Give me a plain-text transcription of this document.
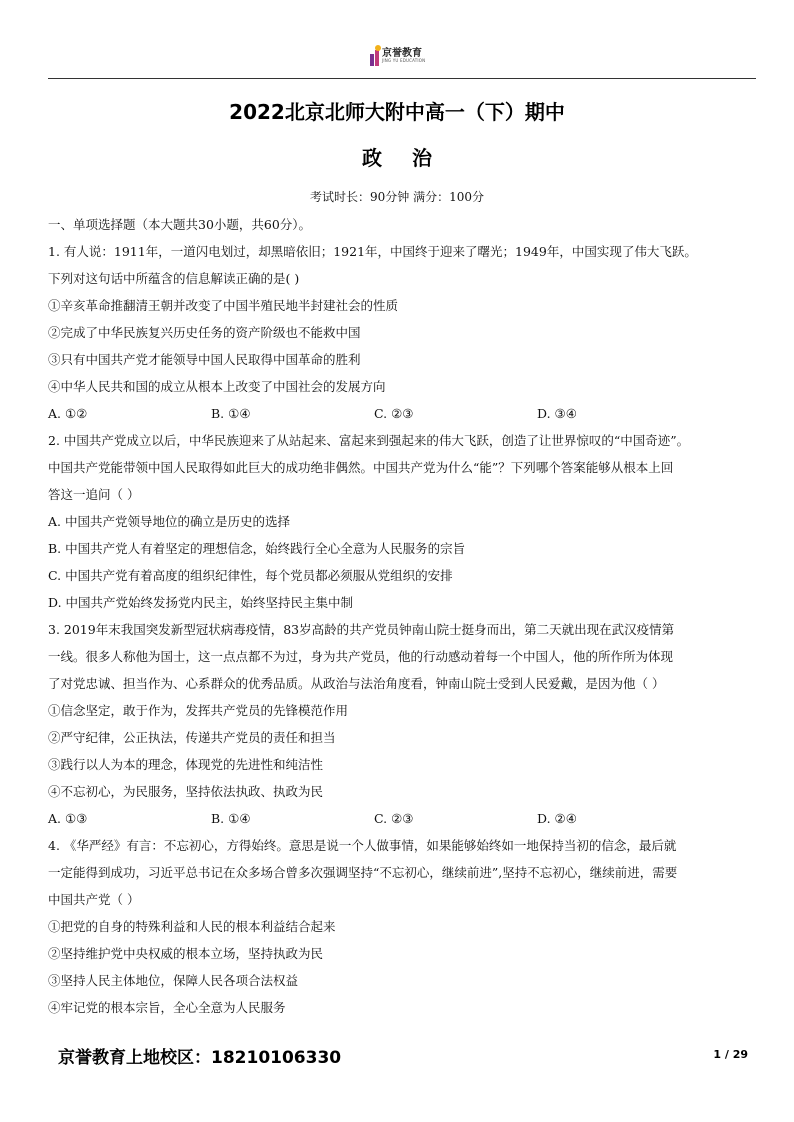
京誉教育
JING YU EDUCATION
2022北京北师大附中高一（下）期中
政治
考试时长：90分钟 满分：100分
一、单项选择题（本大题共30小题，共60分）。
1. 有人说：1911年，一道闪电划过，却黑暗依旧；1921年，中国终于迎来了曙光；1949年，中国实现了伟大飞跃。
下列对这句话中所蕴含的信息解读正确的是( )
①辛亥革命推翻清王朝并改变了中国半殖民地半封建社会的性质
②完成了中华民族复兴历史任务的资产阶级也不能救中国
③只有中国共产党才能领导中国人民取得中国革命的胜利
④中华人民共和国的成立从根本上改变了中国社会的发展方向
A. ①②	B. ①④	C. ②③	D. ③④
2. 中国共产党成立以后，中华民族迎来了从站起来、富起来到强起来的伟大飞跃，创造了让世界惊叹的“中国奇迹”。
中国共产党能带领中国人民取得如此巨大的成功绝非偶然。中国共产党为什么“能”？下列哪个答案能够从根本上回
答这一追问（ ）
A. 中国共产党领导地位的确立是历史的选择
B. 中国共产党人有着坚定的理想信念，始终践行全心全意为人民服务的宗旨
C. 中国共产党有着高度的组织纪律性，每个党员都必须服从党组织的安排
D. 中国共产党始终发扬党内民主，始终坚持民主集中制
3. 2019年末我国突发新型冠状病毒疫情，83岁高龄的共产党员钟南山院士挺身而出，第二天就出现在武汉疫情第
一线。很多人称他为国士，这一点点都不为过，身为共产党员，他的行动感动着每一个中国人，他的所作所为体现
了对党忠诚、担当作为、心系群众的优秀品质。从政治与法治角度看，钟南山院士受到人民爱戴，是因为他（ ）
①信念坚定，敢于作为，发挥共产党员的先锋模范作用
②严守纪律，公正执法，传递共产党员的责任和担当
③践行以人为本的理念，体现党的先进性和纯洁性
④不忘初心，为民服务，坚持依法执政、执政为民
A. ①③	B. ①④	C. ②③	D. ②④
4. 《华严经》有言：不忘初心，方得始终。意思是说一个人做事情，如果能够始终如一地保持当初的信念，最后就
一定能得到成功，习近平总书记在众多场合曾多次强调坚持“不忘初心，继续前进”,坚持不忘初心，继续前进，需要
中国共产党（ ）
①把党的自身的特殊利益和人民的根本利益结合起来
②坚持维护党中央权威的根本立场，坚持执政为民
③坚持人民主体地位，保障人民各项合法权益
④牢记党的根本宗旨，全心全意为人民服务
京誉教育上地校区：18210106330	1 / 29
